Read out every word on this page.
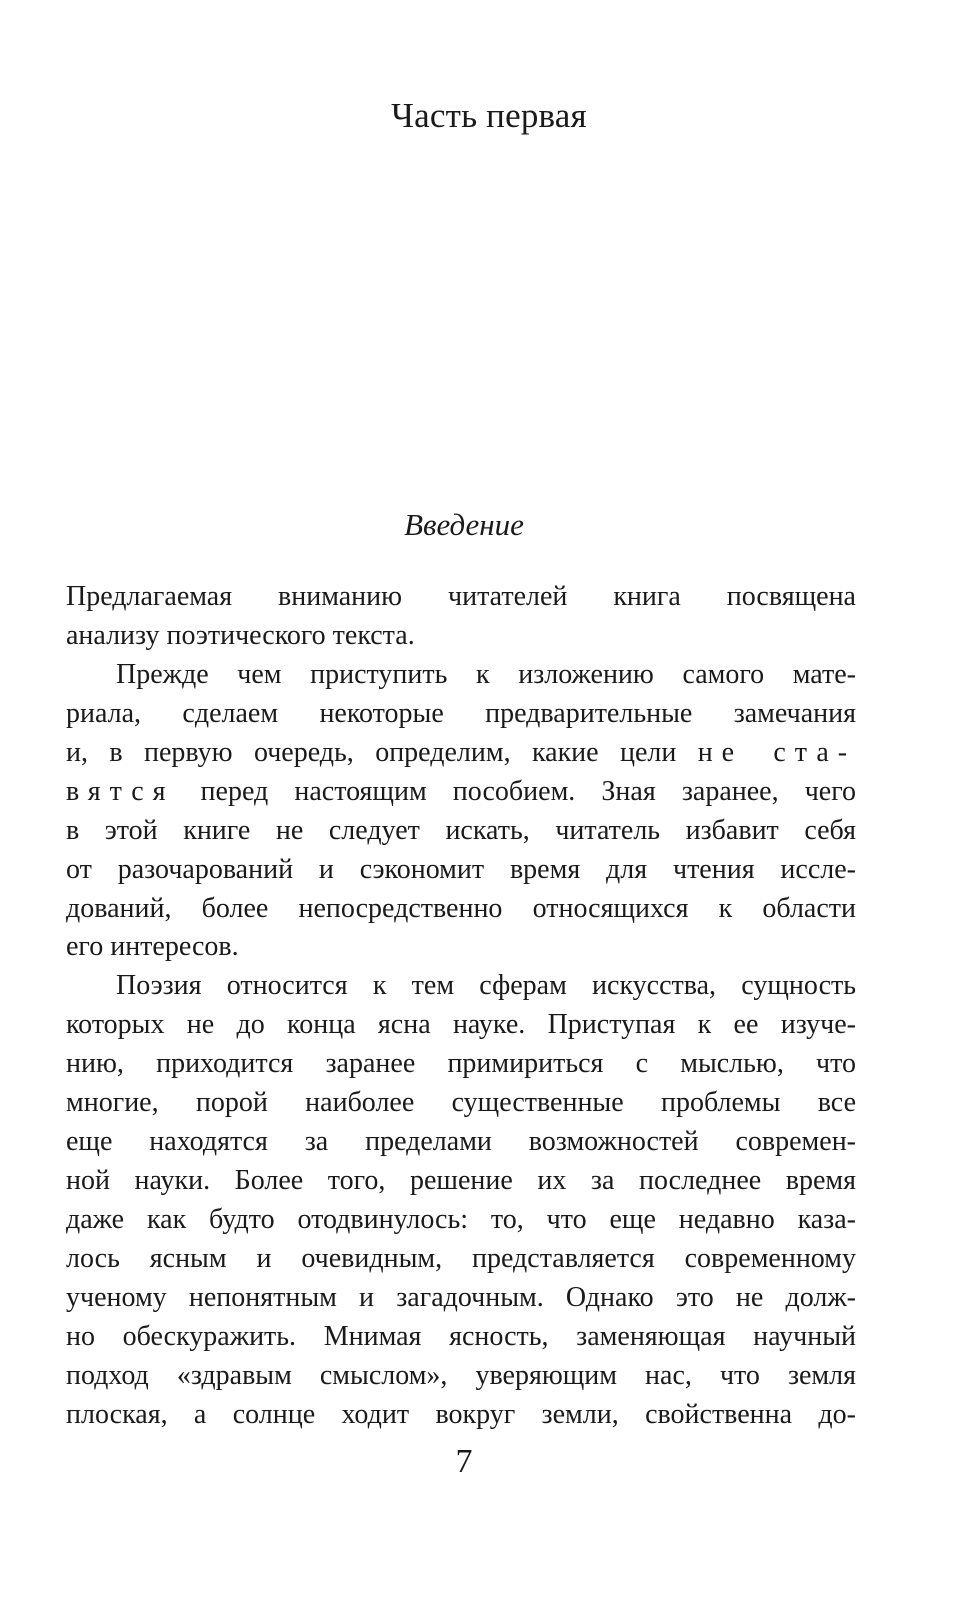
Часть первая
Введение
Предлагаемая вниманию читателей книга посвящена
анализу поэтического текста.
Прежде чем приступить к изложению самого мате-
риала, сделаем некоторые предварительные замечания
и, в первую очередь, определим, какие цели не ста-
вятся перед настоящим пособием. Зная заранее, чего
в этой книге не следует искать, читатель избавит себя
от разочарований и сэкономит время для чтения иссле-
дований, более непосредственно относящихся к области
его интересов.
Поэзия относится к тем сферам искусства, сущность
которых не до конца ясна науке. Приступая к ее изуче-
нию, приходится заранее примириться с мыслью, что
многие, порой наиболее существенные проблемы все
еще находятся за пределами возможностей современ-
ной науки. Более того, решение их за последнее время
даже как будто отодвинулось: то, что еще недавно каза-
лось ясным и очевидным, представляется современному
ученому непонятным и загадочным. Однако это не долж-
но обескуражить. Мнимая ясность, заменяющая научный
подход «здравым смыслом», уверяющим нас, что земля
плоская, а солнце ходит вокруг земли, свойственна до-
7
